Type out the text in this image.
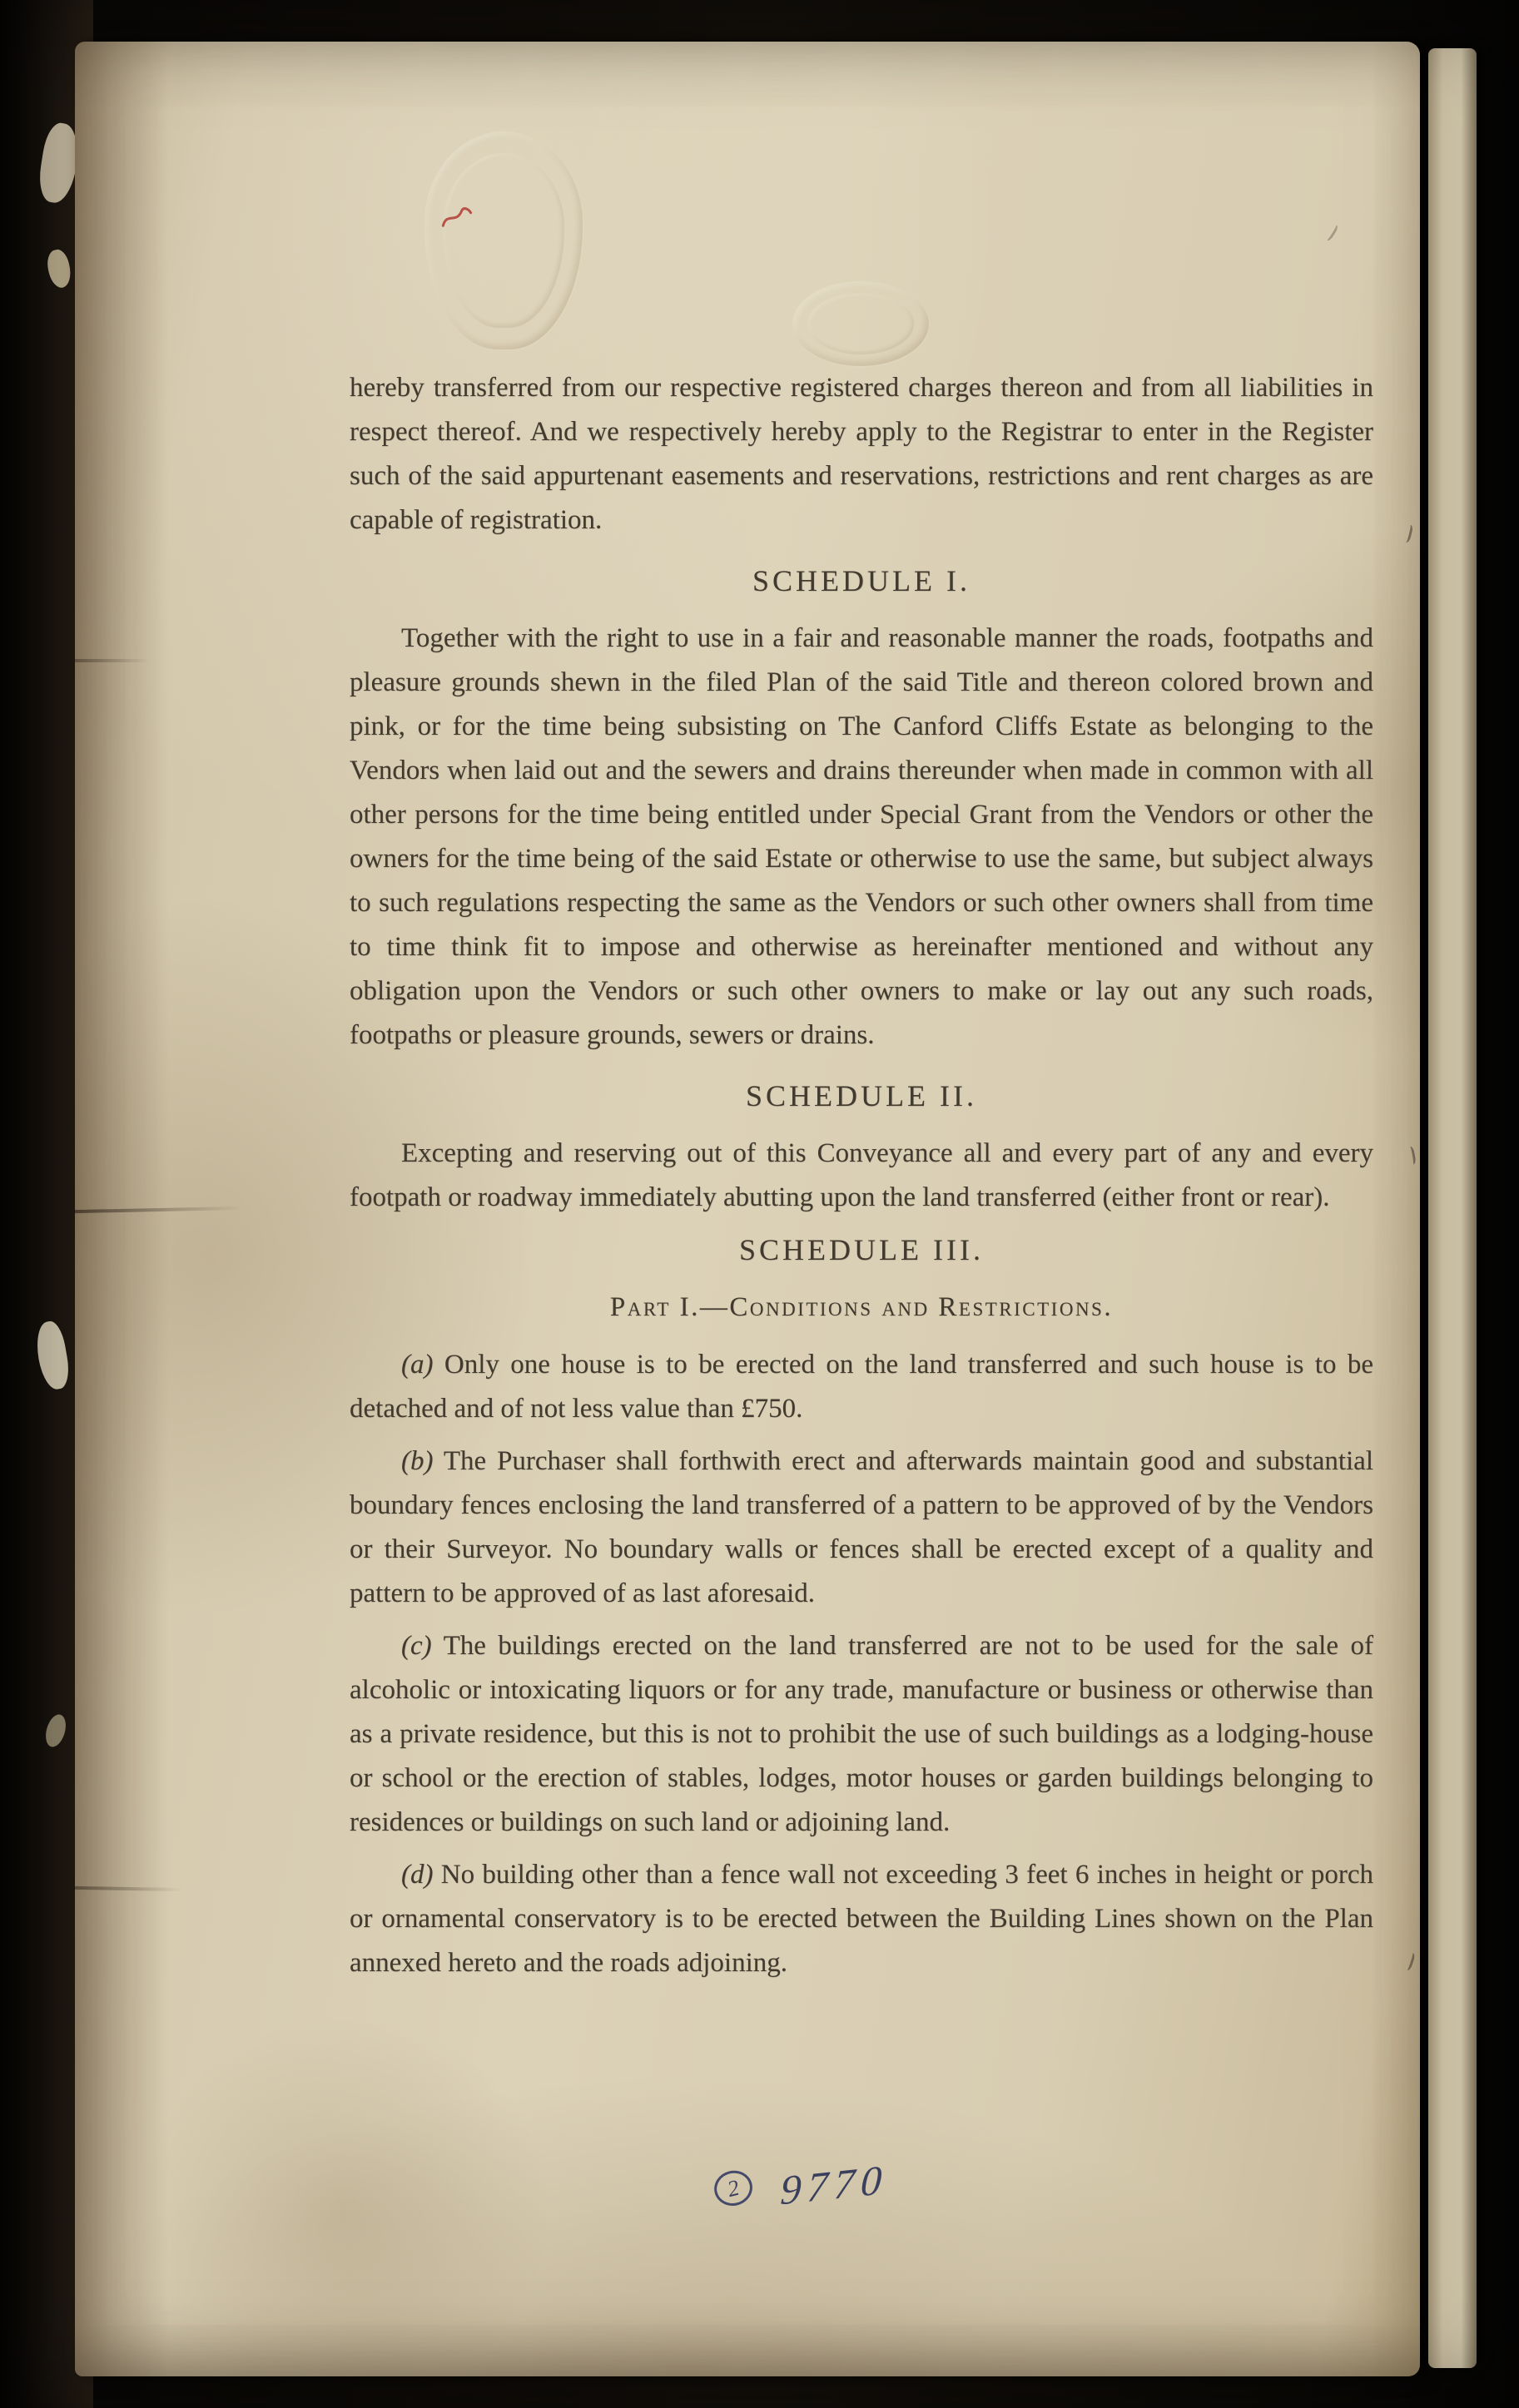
hereby transferred from our respective registered charges thereon and from all liabilities in respect thereof. And we respectively hereby apply to the Registrar to enter in the Register such of the said appurtenant easements and reservations, restrictions and rent charges as are capable of registration.

SCHEDULE I.

Together with the right to use in a fair and reasonable manner the roads, footpaths and pleasure grounds shewn in the filed Plan of the said Title and thereon colored brown and pink, or for the time being subsisting on The Canford Cliffs Estate as belonging to the Vendors when laid out and the sewers and drains thereunder when made in common with all other persons for the time being entitled under Special Grant from the Vendors or other the owners for the time being of the said Estate or otherwise to use the same, but subject always to such regulations respecting the same as the Vendors or such other owners shall from time to time think fit to impose and otherwise as hereinafter mentioned and without any obligation upon the Vendors or such other owners to make or lay out any such roads, footpaths or pleasure grounds, sewers or drains.

SCHEDULE II.

Excepting and reserving out of this Conveyance all and every part of any and every footpath or roadway immediately abutting upon the land transferred (either front or rear).

SCHEDULE III.
Part I.—Conditions and Restrictions.

(a) Only one house is to be erected on the land transferred and such house is to be detached and of not less value than £750.

(b) The Purchaser shall forthwith erect and afterwards maintain good and substantial boundary fences enclosing the land transferred of a pattern to be approved of by the Vendors or their Surveyor. No boundary walls or fences shall be erected except of a quality and pattern to be approved of as last aforesaid.

(c) The buildings erected on the land transferred are not to be used for the sale of alcoholic or intoxicating liquors or for any trade, manufacture or business or otherwise than as a private residence, but this is not to prohibit the use of such buildings as a lodging-house or school or the erection of stables, lodges, motor houses or garden buildings belonging to residences or buildings on such land or adjoining land.

(d) No building other than a fence wall not exceeding 3 feet 6 inches in height or porch or ornamental conservatory is to be erected between the Building Lines shown on the Plan annexed hereto and the roads adjoining.

2 9770
